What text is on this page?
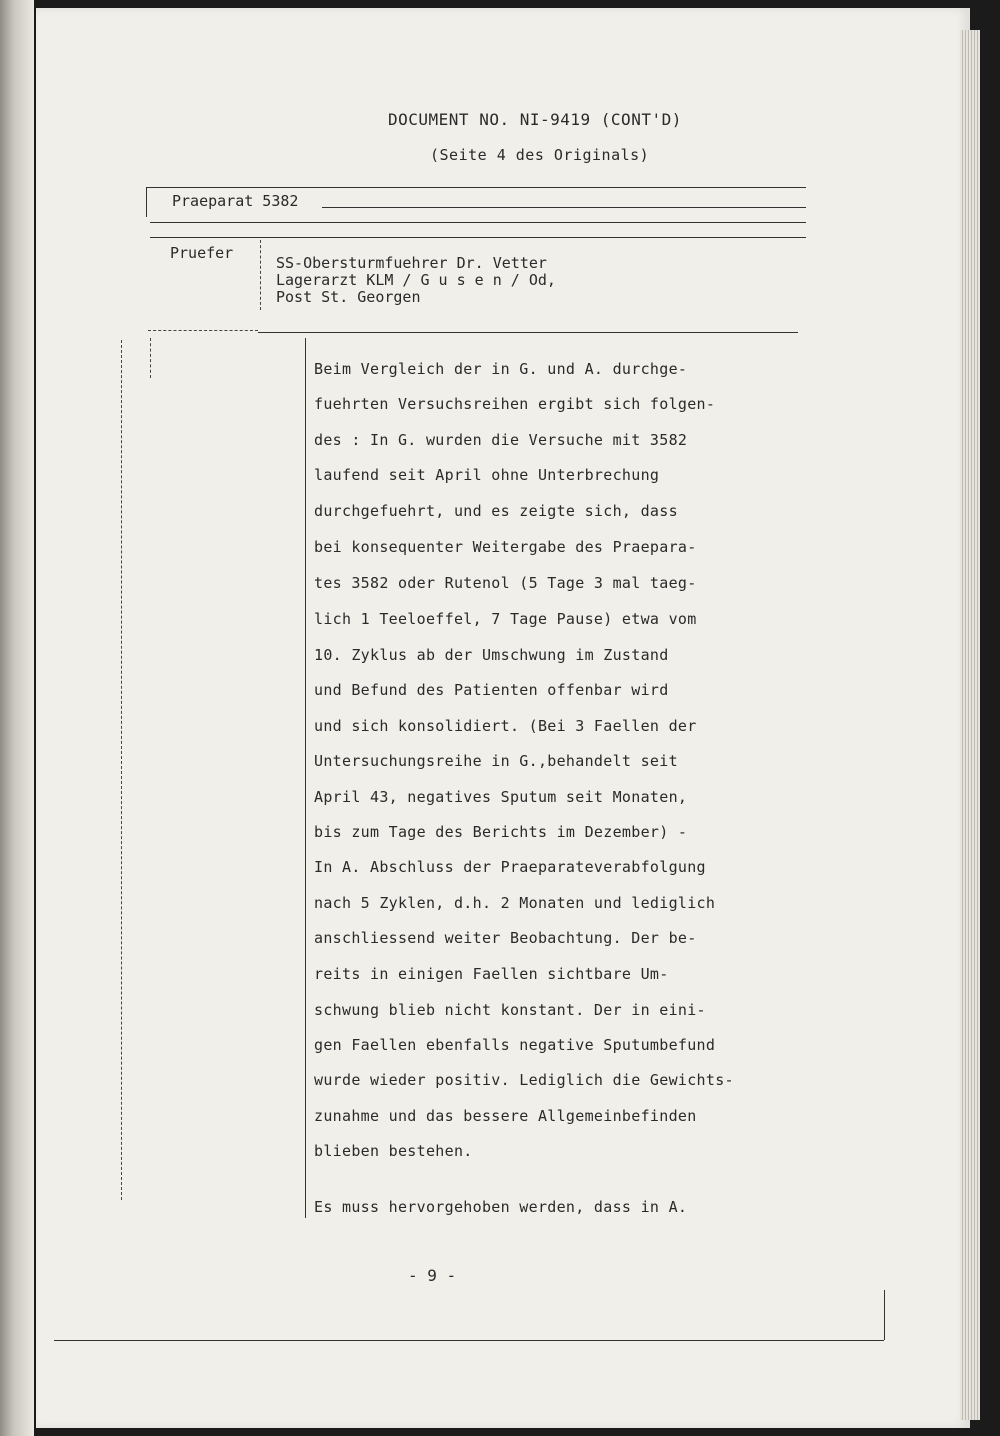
DOCUMENT NO. NI-9419 (CONT'D)
(Seite 4 des Originals)
Praeparat 5382
Pruefer
SS-Obersturmfuehrer Dr. Vetter
Lagerarzt KLM / G u s e n / Od,
Post St. Georgen
Beim Vergleich der in G. und A. durchge-
fuehrten Versuchsreihen ergibt sich folgen-
des : In G. wurden die Versuche mit 3582
laufend seit April ohne Unterbrechung
durchgefuehrt, und es zeigte sich, dass
bei konsequenter Weitergabe des Praeparа-
tes 3582 oder Rutenol (5 Tage 3 mal taeg-
lich 1 Teeloeffel, 7 Tage Pause) etwa vom
10. Zyklus ab der Umschwung im Zustand
und Befund des Patienten offenbar wird
und sich konsolidiert. (Bei 3 Faellen der
Untersuchungsreihe in G.,behandelt seit
April 43, negatives Sputum seit Monaten,
bis zum Tage des Berichts im Dezember) -
In A. Abschluss der Praeparateverabfolgung
nach 5 Zyklen, d.h. 2 Monaten und lediglich
anschliessend weiter Beobachtung. Der be-
reits in einigen Faellen sichtbare Um-
schwung blieb nicht konstant. Der in eini-
gen Faellen ebenfalls negative Sputumbefund
wurde wieder positiv. Lediglich die Gewichts-
zunahme und das bessere Allgemeinbefinden
blieben bestehen.
Es muss hervorgehoben werden, dass in A.
- 9 -
